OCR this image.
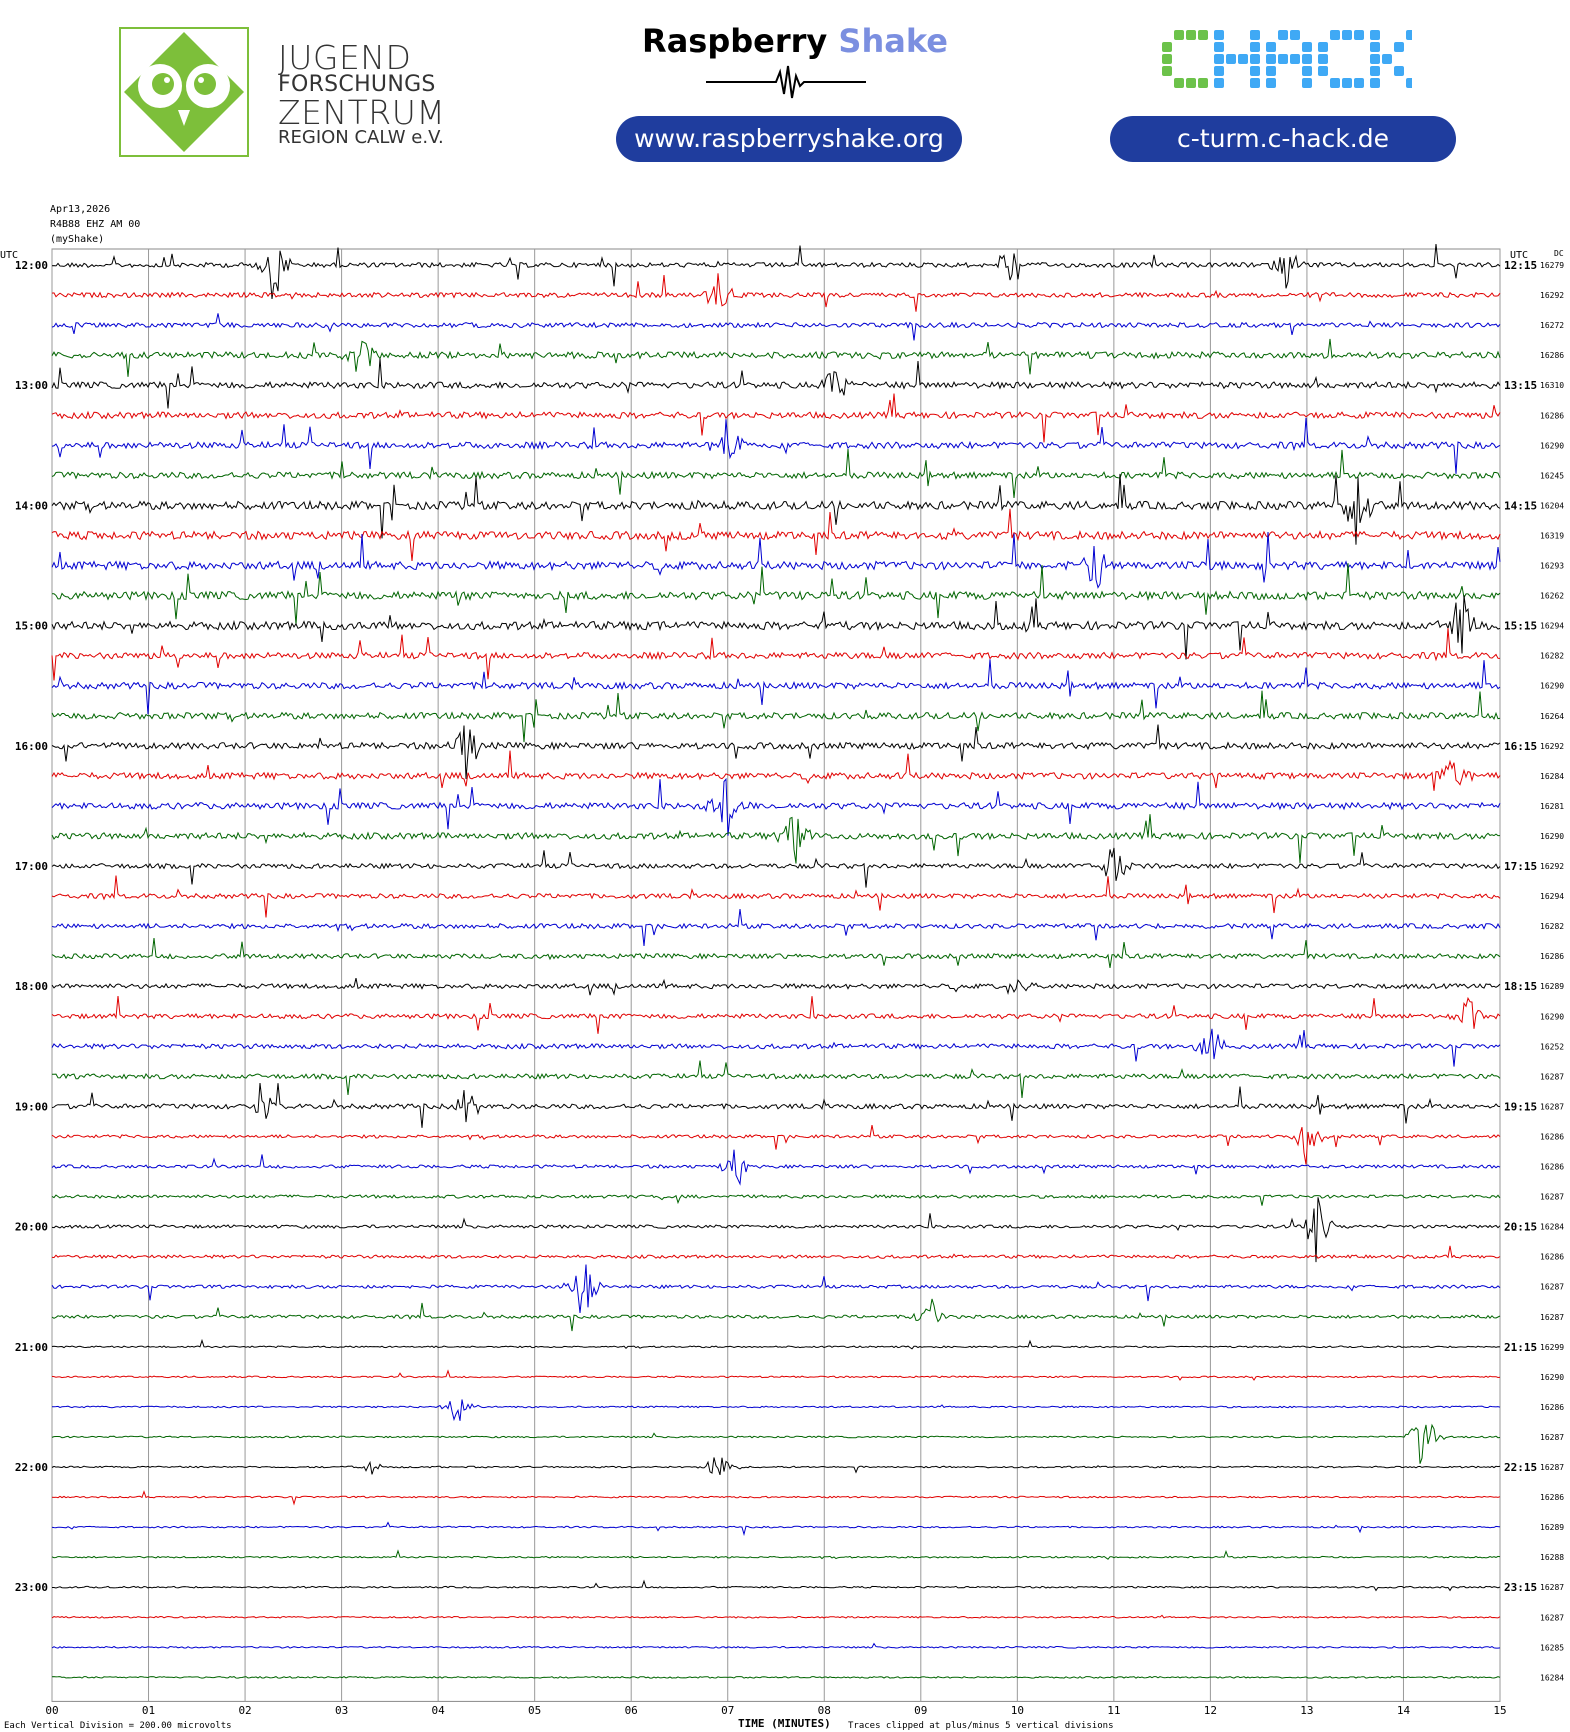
JUGEND
FORSCHUNGS
ZENTRUM
REGION CALW e.V.
Raspberry Shake
www.raspberryshake.org	c-turm.c-hack.de
Apr13,2026
R4B88 EHZ AM 00
(myShake)
UTC	UTC	DC
Each Vertical Division = 200.00 microvolts	TIME (MINUTES) Traces clipped at plus/minus 5 vertical divisions
00	01	02	03	04	05	06	07	08	09	10	11	12	13	14	15
16279
12:00	12:15
16292
16272
16286
16310
13:00	13:15
16286
16290
16245
16204
14:00	14:15
16319
16293
16262
16294
15:00	15:15
16282
16290
16264
16292
16:00	16:15
16284
16281
16290
16292
17:00	17:15
16294
16282
16286
16289
18:00	18:15
16290
16252
16287
16287
19:00	19:15
16286
16286
16287
16284
20:00	20:15
16286
16287
16287
16299
21:00	21:15
16290
16286
16287
16287
22:00	22:15
16286
16289
16288
16287
23:00	23:15
16287
16285
16284
